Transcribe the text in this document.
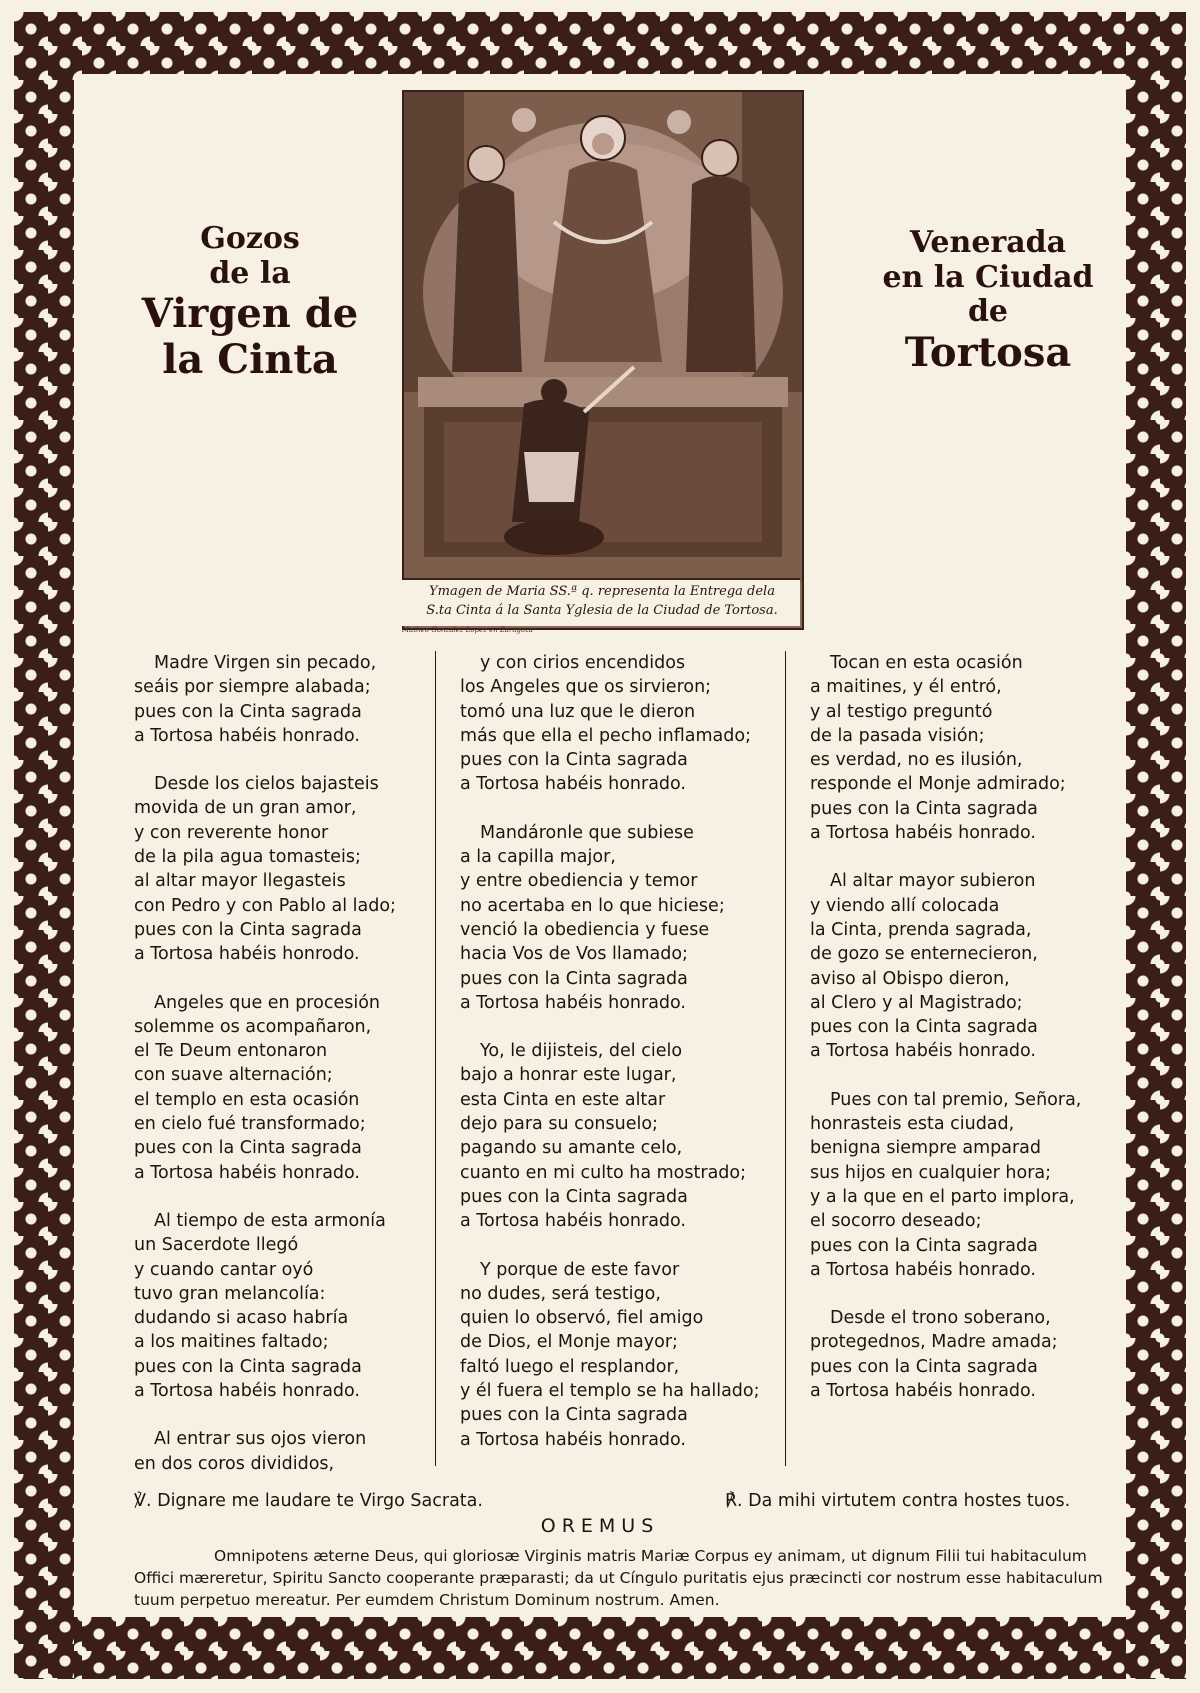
Gozos
de la
Virgen de
la Cinta
Venerada
en la Ciudad
de
Tortosa
Ymagen de Maria SS.ª q. representa la Entrega dela
S.ta Cinta á la Santa Yglesia de la Ciudad de Tortosa.
Matheo Gonzalez Lopez en Zaragoza
Madre Virgen sin pecado,
seáis por siempre alabada;
pues con la Cinta sagrada
a Tortosa habéis honrado.
Desde los cielos bajasteis
movida de un gran amor,
y con reverente honor
de la pila agua tomasteis;
al altar mayor llegasteis
con Pedro y con Pablo al lado;
pues con la Cinta sagrada
a Tortosa habéis honrodo.
Angeles que en procesión
solemme os acompañaron,
el Te Deum entonaron
con suave alternación;
el templo en esta ocasión
en cielo fué transformado;
pues con la Cinta sagrada
a Tortosa habéis honrado.
Al tiempo de esta armonía
un Sacerdote llegó
y cuando cantar oyó
tuvo gran melancolía:
dudando si acaso habría
a los maitines faltado;
pues con la Cinta sagrada
a Tortosa habéis honrado.
Al entrar sus ojos vieron
en dos coros divididos,
y con cirios encendidos
los Angeles que os sirvieron;
tomó una luz que le dieron
más que ella el pecho inflamado;
pues con la Cinta sagrada
a Tortosa habéis honrado.
Mandáronle que subiese
a la capilla major,
y entre obediencia y temor
no acertaba en lo que hiciese;
venció la obediencia y fuese
hacia Vos de Vos llamado;
pues con la Cinta sagrada
a Tortosa habéis honrado.
Yo, le dijisteis, del cielo
bajo a honrar este lugar,
esta Cinta en este altar
dejo para su consuelo;
pagando su amante celo,
cuanto en mi culto ha mostrado;
pues con la Cinta sagrada
a Tortosa habéis honrado.
Y porque de este favor
no dudes, será testigo,
quien lo observó, fiel amigo
de Dios, el Monje mayor;
faltó luego el resplandor,
y él fuera el templo se ha hallado;
pues con la Cinta sagrada
a Tortosa habéis honrado.
Tocan en esta ocasión
a maitines, y él entró,
y al testigo preguntó
de la pasada visión;
es verdad, no es ilusión,
responde el Monje admirado;
pues con la Cinta sagrada
a Tortosa habéis honrado.
Al altar mayor subieron
y viendo allí colocada
la Cinta, prenda sagrada,
de gozo se enternecieron,
aviso al Obispo dieron,
al Clero y al Magistrado;
pues con la Cinta sagrada
a Tortosa habéis honrado.
Pues con tal premio, Señora,
honrasteis esta ciudad,
benigna siempre amparad
sus hijos en cualquier hora;
y a la que en el parto implora,
el socorro deseado;
pues con la Cinta sagrada
a Tortosa habéis honrado.
Desde el trono soberano,
protegednos, Madre amada;
pues con la Cinta sagrada
a Tortosa habéis honrado.
℣. Dignare me laudare te Virgo Sacrata.	℟. Da mihi virtutem contra hostes tuos.
OREMUS
Omnipotens æterne Deus, qui gloriosæ Virginis matris Mariæ Corpus ey animam, ut dignum Filii tui habitaculum
Offici mæreretur, Spiritu Sancto cooperante præparasti; da ut Cíngulo puritatis ejus præcincti cor nostrum esse habitaculum
tuum perpetuo mereatur. Per eumdem Christum Dominum nostrum. Amen.
